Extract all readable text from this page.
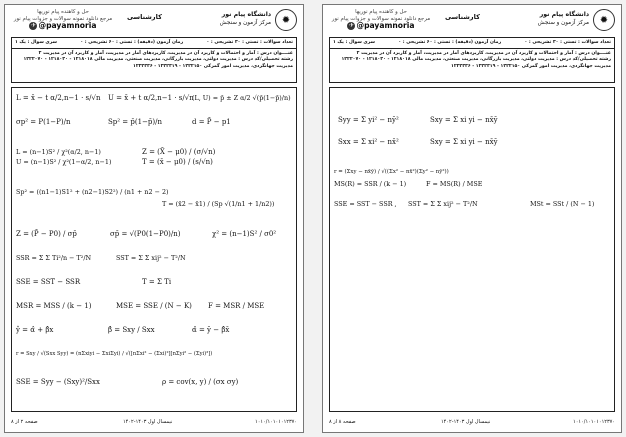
✹
دانشگاه پیام نور
مرکز آزمون و سنجش
کارشناسی
حل و کاهنده پیام نوریها
مرجع دانلود نمونه سوالات و جزوات پیام نور
✈ @payamnoria
تعداد سوالات : تستی : ۳۰ تشریحی : ۰
زمان آزمون (دقیقه) : تستی : ۶۰ تشریحی : ۰
سری سوال : یک ۱
عنــــوان درس : آمار و احتمالات و کاربرد آن در مدیریت، کاربردهای آمار در مدیریت، آمار و کاربرد آن در مدیریت ۲
رشته تحصیلی/کد درس : مدیریت دولتی، مدیریت بازرگانی، مدیریت صنعتی، مدیریت مالی ۱۲۱۸۰۱۸ - ۱۲۱۸۰۳۰ - ۱۲۲۲۰۷۰
مدیریت جهانگردی، مدیریت امور گمرکی ۱۲۲۲۱۵۰ - ۱۲۲۲۳۱۹ - ۱۲۲۲۳۳۶
L = x̄ − t α/2,n−1 · s/√n U = x̄ + t α/2,n−1 · s/√n
(L, U) = p̄ ± Z α/2 √(p̄(1−p̄)/n)
σp² = P(1−P)/n	Sp² = p̄(1−p̄)/n	d = P̄ − p1
L = (n−1)S² / χ²(α/2, n−1)
U = (n−1)S² / χ²(1−α/2, n−1)
Z = (X̄ − μ0) / (σ/√n)
T = (x̄ − μ0) / (s/√n)
Sp² = ((n1−1)S1² + (n2−1)S2²) / (n1 + n2 − 2)
T = (x̄2 − x̄1) / (Sp √(1/n1 + 1/n2))
Z = (P̄ − P0) / σp̄	σp̄ = √(P0(1−P0)/n)	χ² = (n−1)S² / σ0²
SSR = Σ Σ Ti²/n − T²/N	SST = Σ Σ xij² − T²/N
SSE = SST − SSR	T = Σ Ti
MSR = MSS / (k − 1)	MSE = SSE / (N − K) F = MSR / MSE
ŷ = α̂ + β̂x	β̂ = Sxy / Sxx	α̂ = ȳ − β̂x̄
r = Sxy / √(Sxx Syy) = (nΣxiyi − ΣxiΣyi) / √([nΣxi² − (Σxi)²][nΣyi² − (Σyi)²])
SSE = Syy − (Sxy)²/Sxx	ρ = cov(x, y) / (σx σy)
صفحه ۲ از ۸	نیمسال اول ۱۴۰۳-۱۴۰۲	۱۰۱۰/۱۰۱۰۱۰۱۲۳۷۰
✹
دانشگاه پیام نور
مرکز آزمون و سنجش
کارشناسی
حل و کاهنده پیام نوریها
مرجع دانلود نمونه سوالات و جزوات پیام نور
✈ @payamnoria
تعداد سوالات : تستی : ۳۰ تشریحی : ۰
زمان آزمون (دقیقه) : تستی : ۶۰ تشریحی : ۰
سری سوال : یک ۱
عنــــوان درس : آمار و احتمالات و کاربرد آن در مدیریت، کاربردهای آمار در مدیریت، آمار و کاربرد آن در مدیریت ۲
رشته تحصیلی/کد درس : مدیریت دولتی، مدیریت بازرگانی، مدیریت صنعتی، مدیریت مالی ۱۲۱۸۰۱۸ - ۱۲۱۸۰۳۰ - ۱۲۲۲۰۷۰
مدیریت جهانگردی، مدیریت امور گمرکی ۱۲۲۲۱۵۰ - ۱۲۲۲۳۱۹ - ۱۲۲۲۳۳۶
Syy = Σ yi² − nȳ²	Sxy = Σ xi yi − nx̄ȳ
Sxx = Σ xi² − nx̄²	Sxy = Σ xi yi − nx̄ȳ
r = (Σxy − nx̄ȳ) / √((Σx² − nx̄²)(Σy² − nȳ²))
MS(R) = SSR / (k − 1)	F = MS(R) / MSE
SSE = SST − SSR , SST = Σ Σ xij² − T²/N	MSt = SSt / (N − 1)
صفحه ۸ از ۸	نیمسال اول ۱۴۰۳-۱۴۰۲	۱۰۱۰/۱۰۱۰۱۰۱۲۳۷۰
